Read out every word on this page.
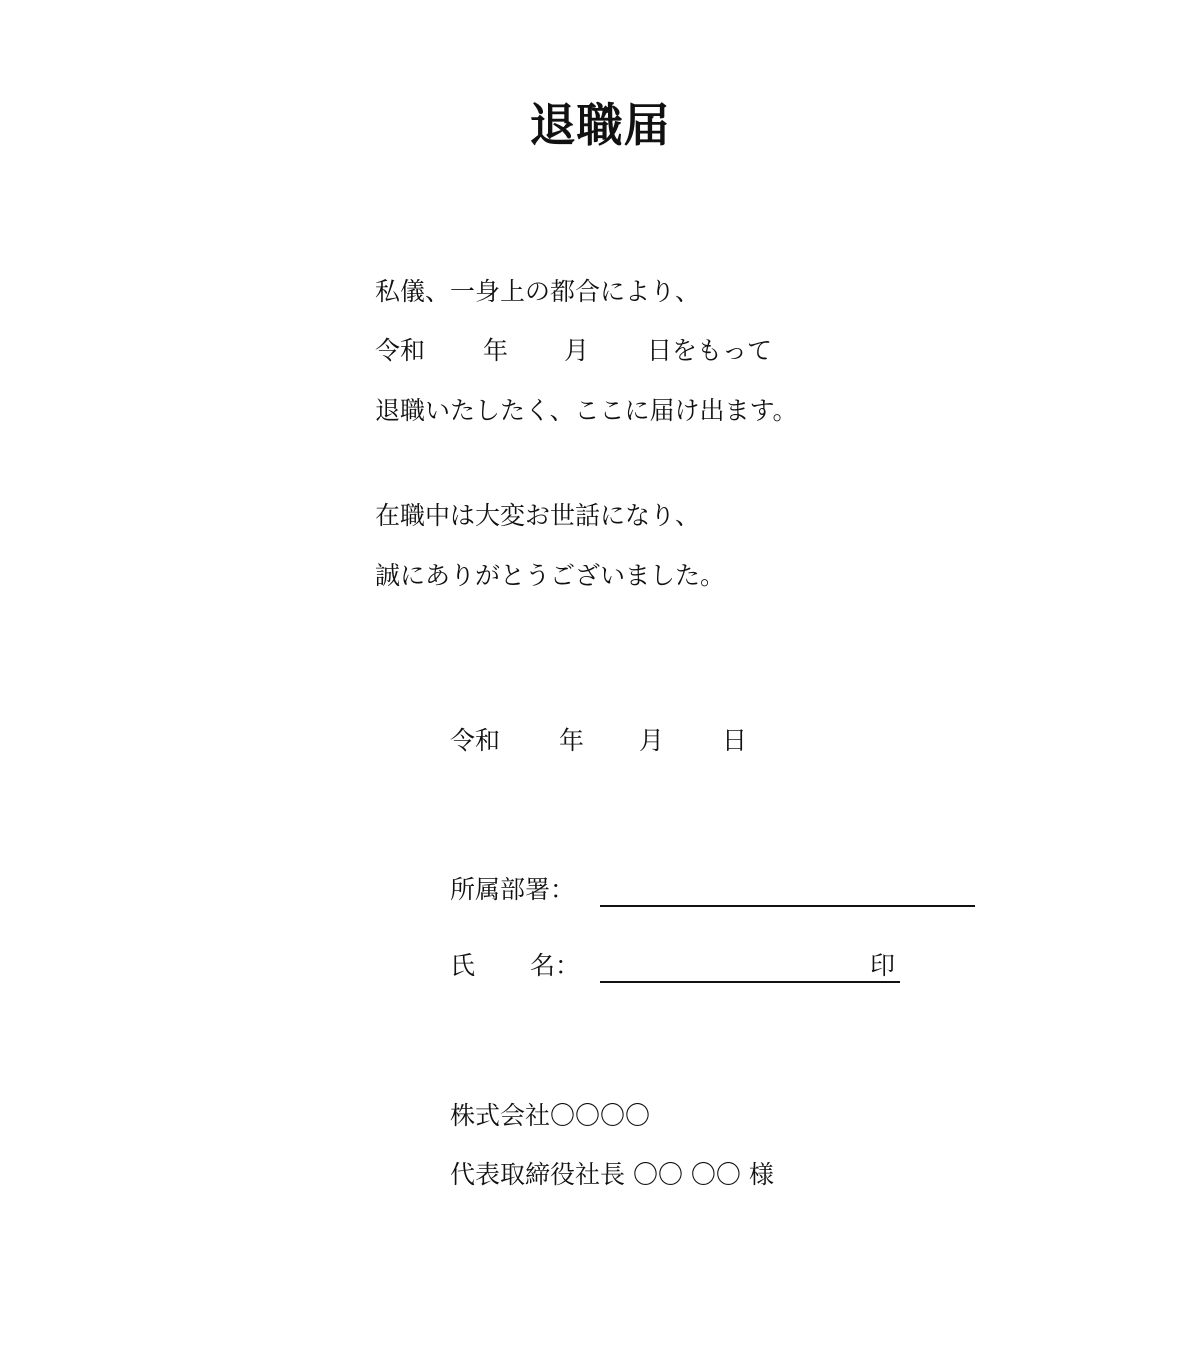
退職届
私儀、一身上の都合により、
令和 年 月 日をもって
退職いたしたく、ここに届け出ます。
在職中は大変お世話になり、
誠にありがとうございました。
令和 年 月 日
所属部署：
氏 名：	印
株式会社〇〇〇〇
代表取締役社長 〇〇 〇〇 様
